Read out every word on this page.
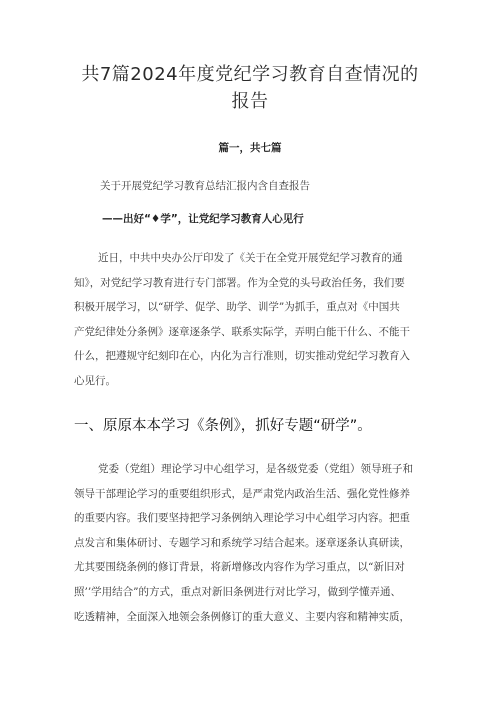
共7篇2024年度党纪学习教育自查情况的
报告
篇一，共七篇
关于开展党纪学习教育总结汇报内含自查报告
——出好“♦学”，让党纪学习教育人心见行
近日，中共中央办公厅印发了《关于在全党开展党纪学习教育的通
知》，对党纪学习教育进行专门部署。作为全党的头号政治任务，我们要
积极开展学习，以“研学、促学、助学、训学”为抓手，重点对《中国共
产党纪律处分条例》逐章逐条学、联系实际学，弄明白能干什么、不能干
什么，把遵规守纪刻印在心，内化为言行准则，切实推动党纪学习教育入
心见行。
一、原原本本学习《条例》，抓好专题“研学”。
党委（党组）理论学习中心组学习，是各级党委（党组）领导班子和
领导干部理论学习的重要组织形式，是严肃党内政治生活、强化党性修养
的重要内容。我们要坚持把学习条例纳入理论学习中心组学习内容。把重
点发言和集体研讨、专题学习和系统学习结合起来。逐章逐条认真研读，
尤其要围绕条例的修订背景，将新增修改内容作为学习重点，以“新旧对
照’’学用结合”的方式，重点对新旧条例进行对比学习，做到学懂弄通、
吃透精神，全面深入地领会条例修订的重大意义、主要内容和精神实质，
